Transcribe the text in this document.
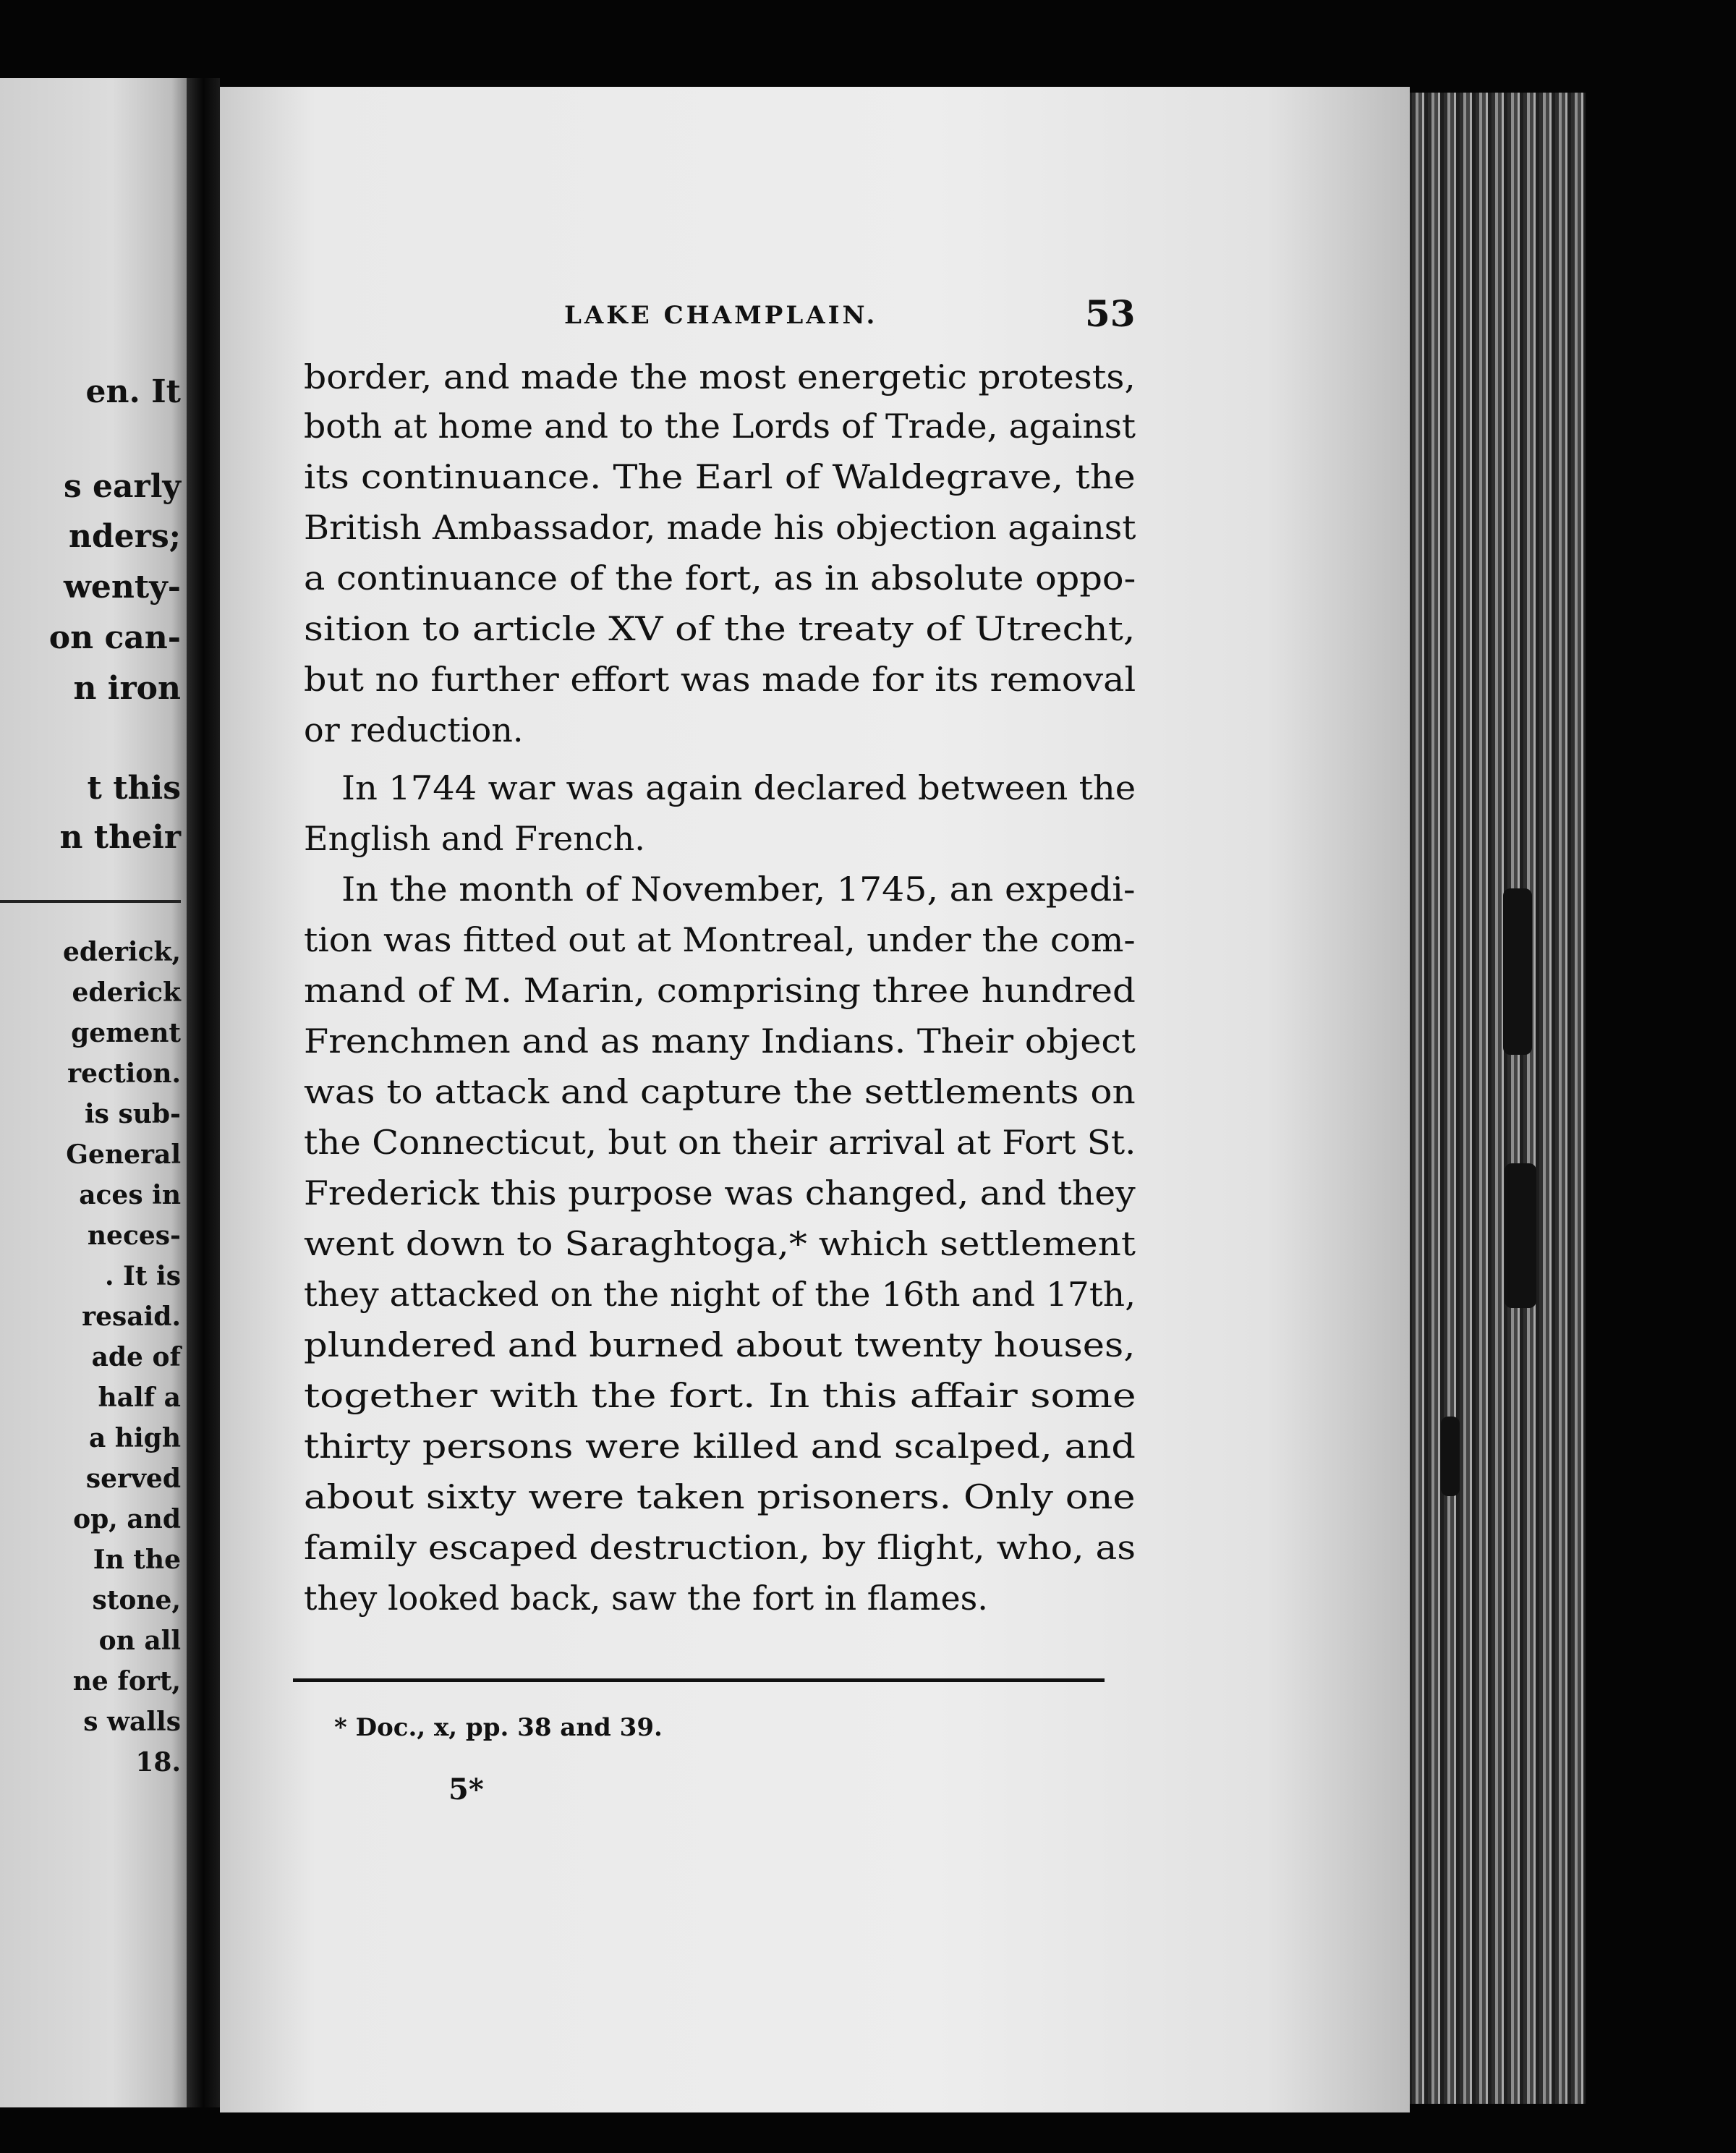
en. It
s early
nders;
wenty-
on can-
n iron
t this
n their
ederick,
ederick
gement
rection.
is sub-
General
aces in
neces-
. It is
resaid.
ade of
half a
a high
served
op, and
In the
stone,
on all
ne fort,
s walls
18.
LAKE CHAMPLAIN.	53
border, and made the most energetic protests,
both at home and to the Lords of Trade, against
its continuance. The Earl of Waldegrave, the
British Ambassador, made his objection against
a continuance of the fort, as in absolute oppo-
sition to article XV of the treaty of Utrecht,
but no further effort was made for its removal
or reduction.
In 1744 war was again declared between the
English and French.
In the month of November, 1745, an expedi-
tion was fitted out at Montreal, under the com-
mand of M. Marin, comprising three hundred
Frenchmen and as many Indians. Their object
was to attack and capture the settlements on
the Connecticut, but on their arrival at Fort St.
Frederick this purpose was changed, and they
went down to Saraghtoga,* which settlement
they attacked on the night of the 16th and 17th,
plundered and burned about twenty houses,
together with the fort. In this affair some
thirty persons were killed and scalped, and
about sixty were taken prisoners. Only one
family escaped destruction, by flight, who, as
they looked back, saw the fort in flames.
* Doc., x, pp. 38 and 39.
5*
